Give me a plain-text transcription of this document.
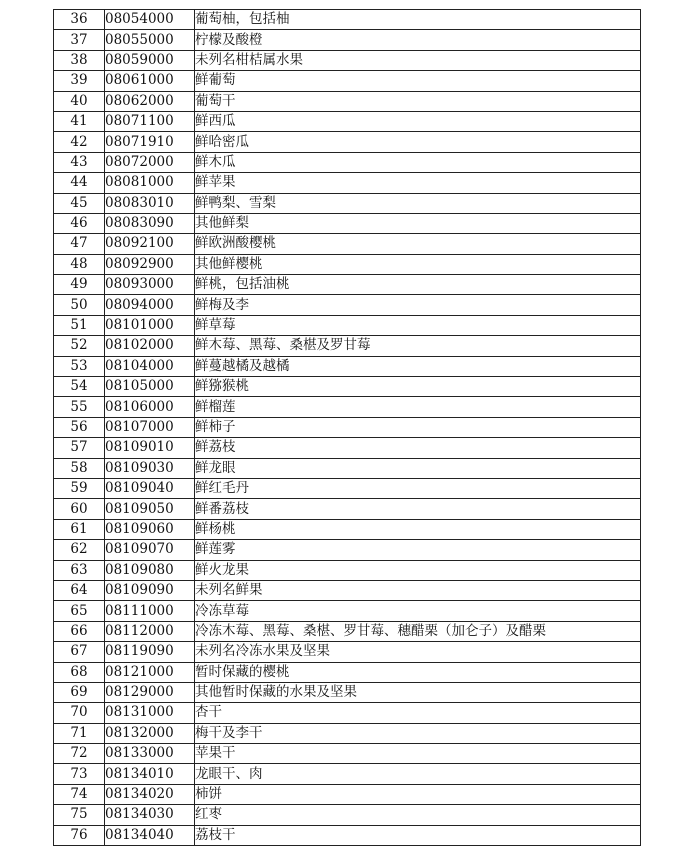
36	08054000	葡萄柚，包括柚
37	08055000	柠檬及酸橙
38	08059000	未列名柑桔属水果
39	08061000	鲜葡萄
40	08062000	葡萄干
41	08071100	鲜西瓜
42	08071910	鲜哈密瓜
43	08072000	鲜木瓜
44	08081000	鲜苹果
45	08083010	鲜鸭梨、雪梨
46	08083090	其他鲜梨
47	08092100	鲜欧洲酸樱桃
48	08092900	其他鲜樱桃
49	08093000	鲜桃，包括油桃
50	08094000	鲜梅及李
51	08101000	鲜草莓
52	08102000	鲜木莓、黑莓、桑椹及罗甘莓
53	08104000	鲜蔓越橘及越橘
54	08105000	鲜猕猴桃
55	08106000	鲜榴莲
56	08107000	鲜柿子
57	08109010	鲜荔枝
58	08109030	鲜龙眼
59	08109040	鲜红毛丹
60	08109050	鲜番荔枝
61	08109060	鲜杨桃
62	08109070	鲜莲雾
63	08109080	鲜火龙果
64	08109090	未列名鲜果
65	08111000	冷冻草莓
66	08112000	冷冻木莓、黑莓、桑椹、罗甘莓、穗醋栗（加仑子）及醋栗
67	08119090	未列名冷冻水果及坚果
68	08121000	暂时保藏的樱桃
69	08129000	其他暂时保藏的水果及坚果
70	08131000	杏干
71	08132000	梅干及李干
72	08133000	苹果干
73	08134010	龙眼干、肉
74	08134020	柿饼
75	08134030	红枣
76	08134040	荔枝干
